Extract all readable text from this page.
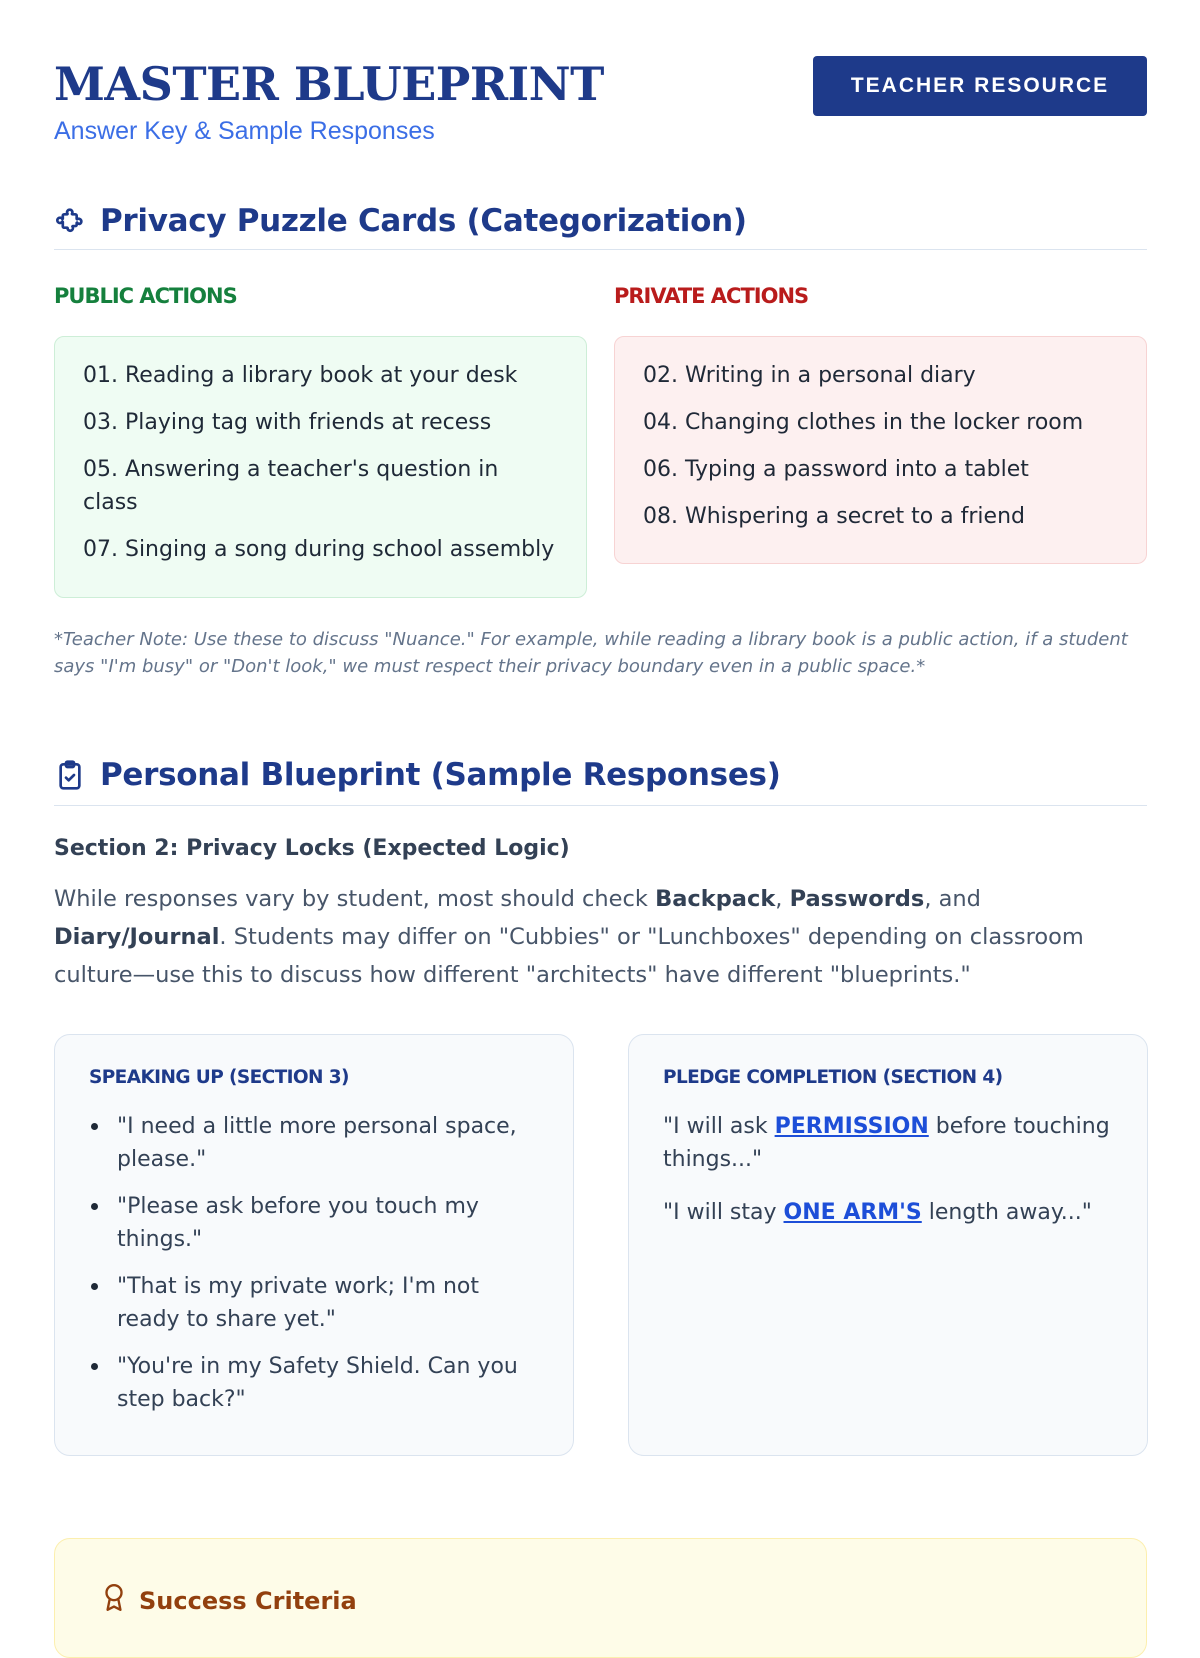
MASTER BLUEPRINT
Answer Key & Sample Responses
TEACHER RESOURCE
Privacy Puzzle Cards (Categorization)
PUBLIC ACTIONS	PRIVATE ACTIONS
01. Reading a library book at your desk
03. Playing tag with friends at recess
05. Answering a teacher's question in class
07. Singing a song during school assembly
02. Writing in a personal diary
04. Changing clothes in the locker room
06. Typing a password into a tablet
08. Whispering a secret to a friend
*Teacher Note: Use these to discuss "Nuance." For example, while reading a library book is a public action, if a student says "I'm busy" or "Don't look," we must respect their privacy boundary even in a public space.*
Personal Blueprint (Sample Responses)
Section 2: Privacy Locks (Expected Logic)
While responses vary by student, most should check Backpack, Passwords, and Diary/Journal. Students may differ on "Cubbies" or "Lunchboxes" depending on classroom culture—use this to discuss how different "architects" have different "blueprints."
SPEAKING UP (SECTION 3)
"I need a little more personal space, please."
"Please ask before you touch my things."
"That is my private work; I'm not ready to share yet."
"You're in my Safety Shield. Can you step back?"
PLEDGE COMPLETION (SECTION 4)
"I will ask PERMISSION before touching things..."
"I will stay ONE ARM'S length away..."
Success Criteria
